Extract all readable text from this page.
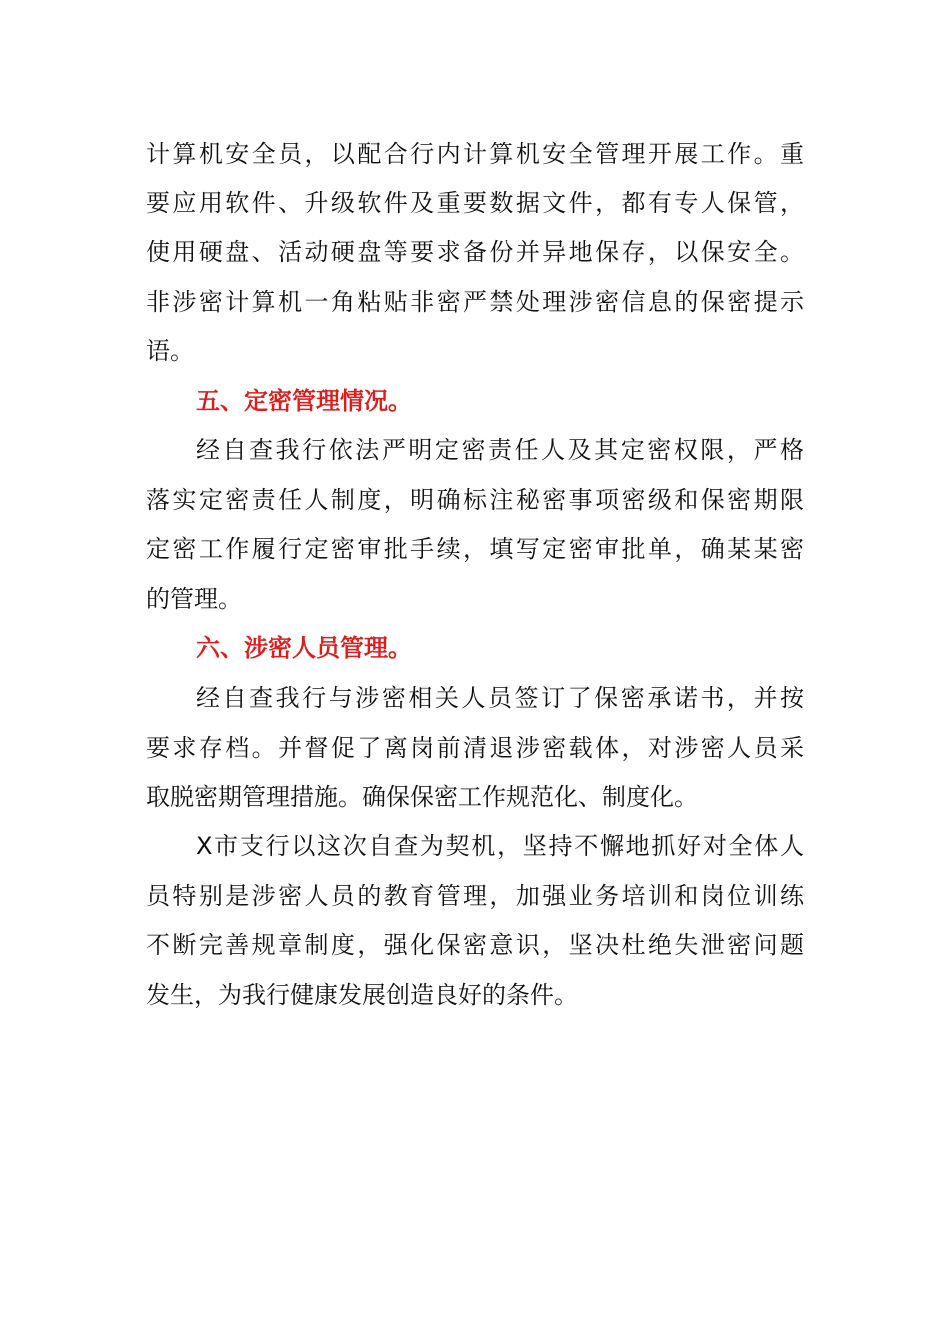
计算机安全员，以配合行内计算机安全管理开展工作。重
要应用软件、升级软件及重要数据文件，都有专人保管，
使用硬盘、活动硬盘等要求备份并异地保存，以保安全。
非涉密计算机一角粘贴非密严禁处理涉密信息的保密提示
语。
五、定密管理情况。
经自查我行依法严明定密责任人及其定密权限，严格
落实定密责任人制度，明确标注秘密事项密级和保密期限
定密工作履行定密审批手续，填写定密审批单，确某某密
的管理。
六、涉密人员管理。
经自查我行与涉密相关人员签订了保密承诺书，并按
要求存档。并督促了离岗前清退涉密载体，对涉密人员采
取脱密期管理措施。确保保密工作规范化、制度化。
X市支行以这次自查为契机，坚持不懈地抓好对全体人
员特别是涉密人员的教育管理，加强业务培训和岗位训练
不断完善规章制度，强化保密意识，坚决杜绝失泄密问题
发生，为我行健康发展创造良好的条件。
